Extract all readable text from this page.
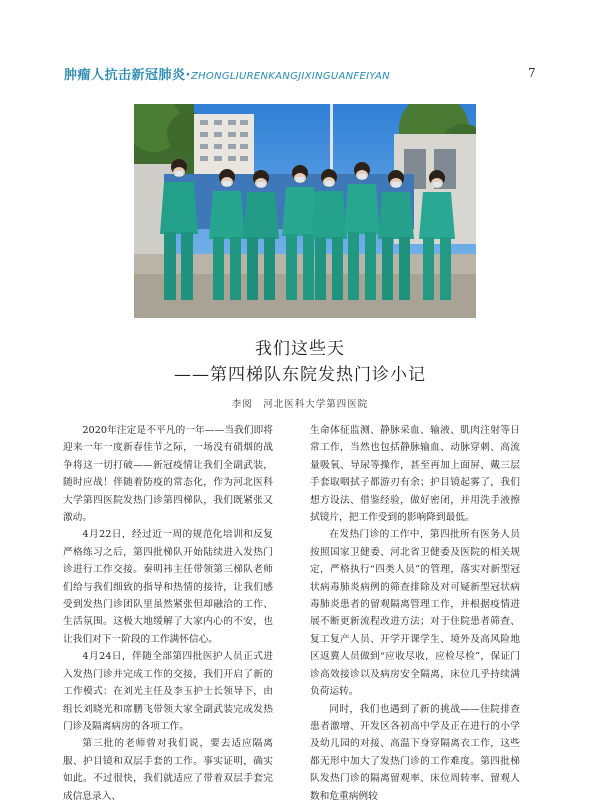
肿瘤人抗击新冠肺炎·ZHONGLIURENKANGJIXINGUANFEIYAN	7
我们这些天
——第四梯队东院发热门诊小记
李阅　河北医科大学第四医院

2020年注定是不平凡的一年——当我们即将迎来一年一度新春佳节之际，一场没有硝烟的战争将这一切打破——新冠疫情让我们全副武装，随时应战！伴随着防疫的常态化，作为河北医科大学第四医院发热门诊第四梯队，我们既紧张又激动。

4月22日，经过近一周的规范化培训和反复严格练习之后，第四批梯队开始陆续进入发热门诊进行工作交接。秦明祎主任带领第三梯队老师们给与我们细致的指导和热情的接待，让我们感受到发热门诊团队里虽然紧张但却融洽的工作、生活氛围。这极大地缓解了大家内心的不安，也让我们对下一阶段的工作满怀信心。

4月24日，伴随全部第四批医护人员正式进入发热门诊并完成工作的交接，我们开启了新的工作模式：在刘光主任及李玉护士长领导下，由组长刘晓光和席鹏飞带领大家全副武装完成发热门诊及隔离病房的各项工作。

第三批的老师曾对我们说，要去适应隔离服、护目镜和双层手套的工作。事实证明，确实如此。不过很快，我们就适应了带着双层手套完成信息录入、

生命体征监测、静脉采血、输液、肌肉注射等日常工作，当然也包括静脉输血、动脉穿刺、高流量吸氧、导尿等操作，甚至再加上面屏、戴三层手套取咽拭子都游刃有余；护目镜起雾了，我们想方设法、借鉴经验，做好密闭，并用洗手液擦拭镜片，把工作受到的影响降到最低。

在发热门诊的工作中，第四批所有医务人员按照国家卫健委、河北省卫健委及医院的相关规定，严格执行“四类人员”的管理，落实对新型冠状病毒肺炎病例的筛查排除及对可疑新型冠状病毒肺炎患者的留观隔离管理工作，并根据疫情进展不断更新流程改进方法；对于住院患者筛查、复工复产人员、开学开课学生、境外及高风险地区返冀人员做到“应收尽收，应检尽检”，保证门诊高效接诊以及病房安全隔离，床位几乎持续满负荷运转。

同时，我们也遇到了新的挑战——住院排查患者激增、开发区各初高中学及正在进行的小学及幼儿园的对接、高温下身穿隔离衣工作，这些都无形中加大了发热门诊的工作难度。第四批梯队发热门诊的隔离留观率、床位周转率、留观人数和危重病例较
